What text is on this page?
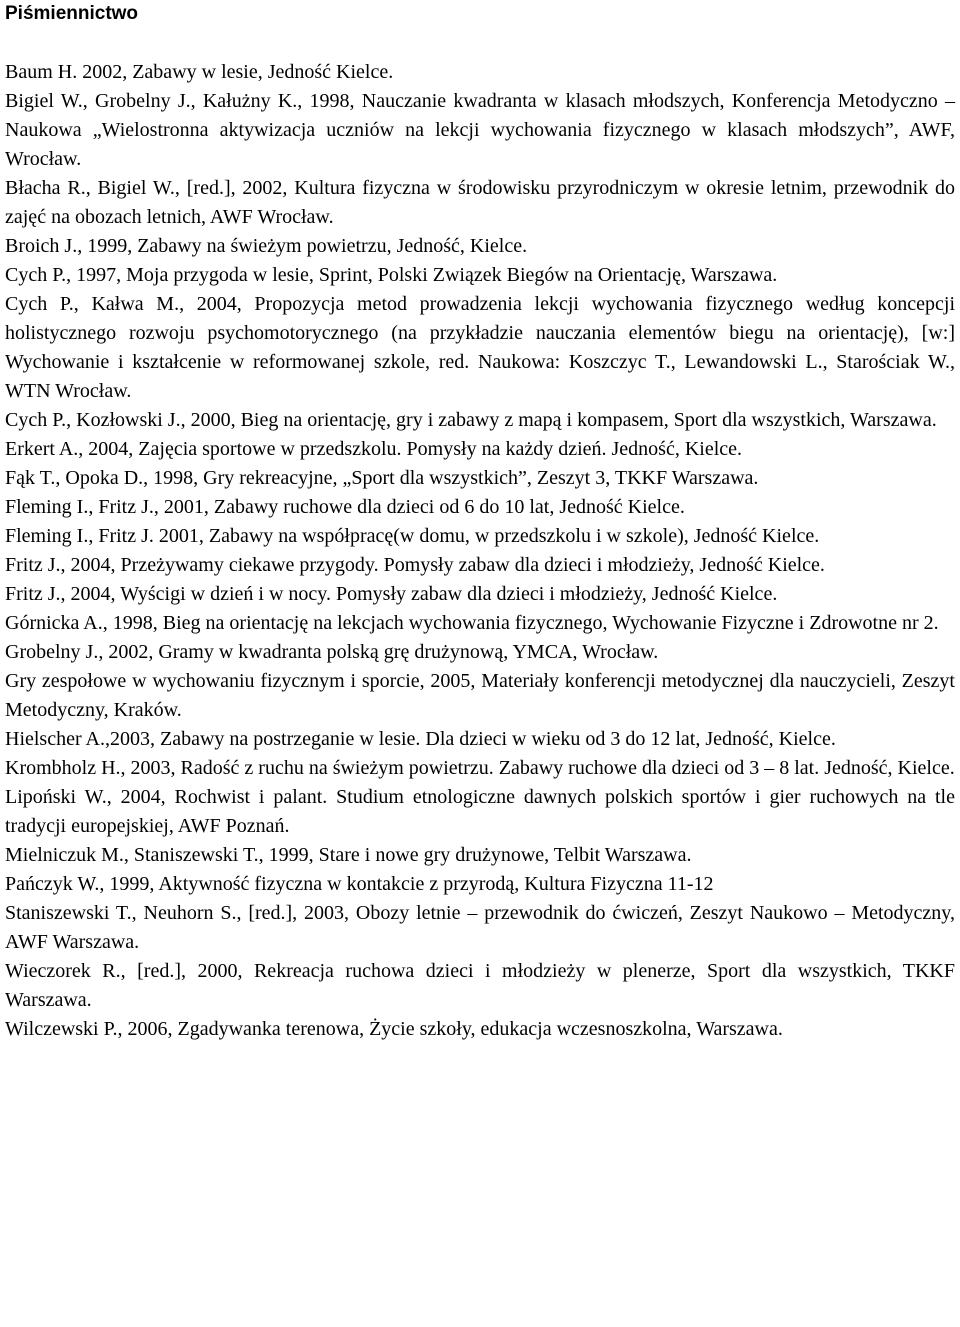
Piśmiennictwo

Baum H. 2002, Zabawy w lesie, Jedność Kielce.

Bigiel W., Grobelny J., Kałużny K., 1998, Nauczanie kwadranta w klasach młodszych, Konferencja Metodyczno – Naukowa „Wielostronna aktywizacja uczniów na lekcji wychowania fizycznego w klasach młodszych”, AWF, Wrocław.

Błacha R., Bigiel W., [red.], 2002, Kultura fizyczna w środowisku przyrodniczym w okresie letnim, przewodnik do zajęć na obozach letnich, AWF Wrocław.

Broich J., 1999, Zabawy na świeżym powietrzu, Jedność, Kielce.

Cych P., 1997, Moja przygoda w lesie, Sprint, Polski Związek Biegów na Orientację, Warszawa.

Cych P., Kałwa M., 2004, Propozycja metod prowadzenia lekcji wychowania fizycznego według koncepcji holistycznego rozwoju psychomotorycznego (na przykładzie nauczania elementów biegu na orientację), [w:] Wychowanie i kształcenie w reformowanej szkole, red. Naukowa: Koszczyc T., Lewandowski L., Starościak W., WTN Wrocław.

Cych P., Kozłowski J., 2000, Bieg na orientację, gry i zabawy z mapą i kompasem, Sport dla wszystkich, Warszawa.

Erkert A., 2004, Zajęcia sportowe w przedszkolu. Pomysły na każdy dzień. Jedność, Kielce.

Fąk T., Opoka D., 1998, Gry rekreacyjne, „Sport dla wszystkich”, Zeszyt 3, TKKF Warszawa.

Fleming I., Fritz J., 2001, Zabawy ruchowe dla dzieci od 6 do 10 lat, Jedność Kielce.

Fleming I., Fritz J. 2001, Zabawy na współpracę(w domu, w przedszkolu i w szkole), Jedność Kielce.

Fritz J., 2004, Przeżywamy ciekawe przygody. Pomysły zabaw dla dzieci i młodzieży, Jedność Kielce.

Fritz J., 2004, Wyścigi w dzień i w nocy. Pomysły zabaw dla dzieci i młodzieży, Jedność Kielce.

Górnicka A., 1998, Bieg na orientację na lekcjach wychowania fizycznego, Wychowanie Fizyczne i Zdrowotne nr 2.

Grobelny J., 2002, Gramy w kwadranta polską grę drużynową, YMCA, Wrocław.

Gry zespołowe w wychowaniu fizycznym i sporcie, 2005, Materiały konferencji metodycznej dla nauczycieli, Zeszyt Metodyczny, Kraków.

Hielscher A.,2003, Zabawy na postrzeganie w lesie. Dla dzieci w wieku od 3 do 12 lat, Jedność, Kielce.

Krombholz H., 2003, Radość z ruchu na świeżym powietrzu. Zabawy ruchowe dla dzieci od 3 – 8 lat. Jedność, Kielce.

Lipoński W., 2004, Rochwist i palant. Studium etnologiczne dawnych polskich sportów i gier ruchowych na tle tradycji europejskiej, AWF Poznań.

Mielniczuk M., Staniszewski T., 1999, Stare i nowe gry drużynowe, Telbit Warszawa.

Pańczyk W., 1999, Aktywność fizyczna w kontakcie z przyrodą, Kultura Fizyczna 11-12

Staniszewski T., Neuhorn S., [red.], 2003, Obozy letnie – przewodnik do ćwiczeń, Zeszyt Naukowo – Metodyczny, AWF Warszawa.

Wieczorek R., [red.], 2000, Rekreacja ruchowa dzieci i młodzieży w plenerze, Sport dla wszystkich, TKKF Warszawa.

Wilczewski P., 2006, Zgadywanka terenowa, Życie szkoły, edukacja wczesnoszkolna, Warszawa.
